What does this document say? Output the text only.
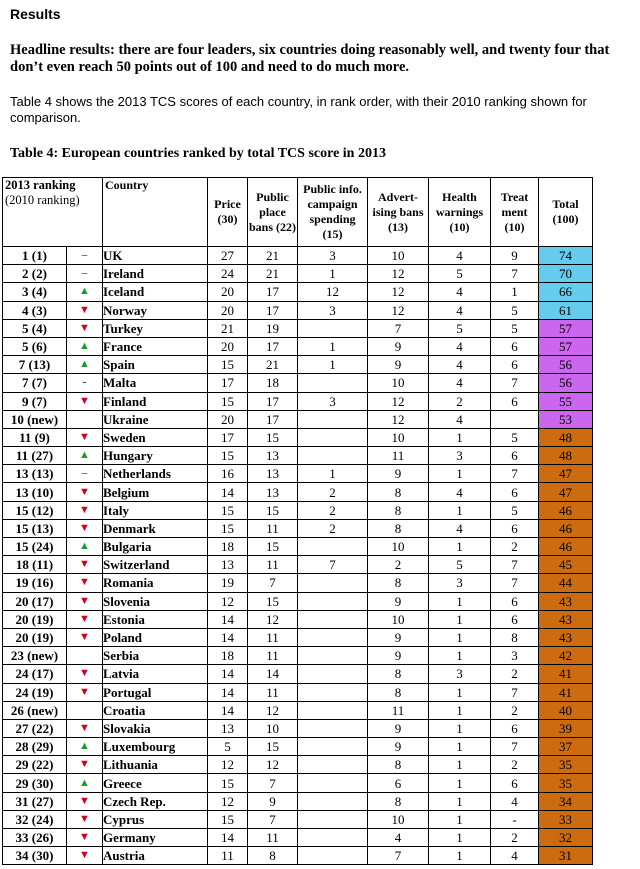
Results
Headline results: there are four leaders, six countries doing reasonably well, and twenty four that don’t even reach 50 points out of 100 and need to do much more.
Table 4 shows the 2013 TCS scores of each country, in rank order, with their 2010 ranking shown for comparison.
Table 4: European countries ranked by total TCS score in 2013
2013 ranking
(2010 ranking)		Country	Price (30)	Public place bans (22)	Public info. campaign spending (15)	Advert-ising bans (13)	Health warnings (10)	Treat ment (10)	Total (100)
1 (1)	–	UK	27	21	3	10	4	9	74
2 (2)	–	Ireland	24	21	1	12	5	7	70
3 (4)	▲	Iceland	20	17	12	12	4	1	66
4 (3)	▼	Norway	20	17	3	12	4	5	61
5 (4)	▼	Turkey	21	19		7	5	5	57
5 (6)	▲	France	20	17	1	9	4	6	57
7 (13)	▲	Spain	15	21	1	9	4	6	56
7 (7)	-	Malta	17	18		10	4	7	56
9 (7)	▼	Finland	15	17	3	12	2	6	55
10 (new)		Ukraine	20	17		12	4		53
11 (9)	▼	Sweden	17	15		10	1	5	48
11 (27)	▲	Hungary	15	13		11	3	6	48
13 (13)	–	Netherlands	16	13	1	9	1	7	47
13 (10)	▼	Belgium	14	13	2	8	4	6	47
15 (12)	▼	Italy	15	15	2	8	1	5	46
15 (13)	▼	Denmark	15	11	2	8	4	6	46
15 (24)	▲	Bulgaria	18	15		10	1	2	46
18 (11)	▼	Switzerland	13	11	7	2	5	7	45
19 (16)	▼	Romania	19	7		8	3	7	44
20 (17)	▼	Slovenia	12	15		9	1	6	43
20 (19)	▼	Estonia	14	12		10	1	6	43
20 (19)	▼	Poland	14	11		9	1	8	43
23 (new)		Serbia	18	11		9	1	3	42
24 (17)	▼	Latvia	14	14		8	3	2	41
24 (19)	▼	Portugal	14	11		8	1	7	41
26 (new)		Croatia	14	12		11	1	2	40
27 (22)	▼	Slovakia	13	10		9	1	6	39
28 (29)	▲	Luxembourg	5	15		9	1	7	37
29 (22)	▼	Lithuania	12	12		8	1	2	35
29 (30)	▲	Greece	15	7		6	1	6	35
31 (27)	▼	Czech Rep.	12	9		8	1	4	34
32 (24)	▼	Cyprus	15	7		10	1	-	33
33 (26)	▼	Germany	14	11		4	1	2	32
34 (30)	▼	Austria	11	8		7	1	4	31
